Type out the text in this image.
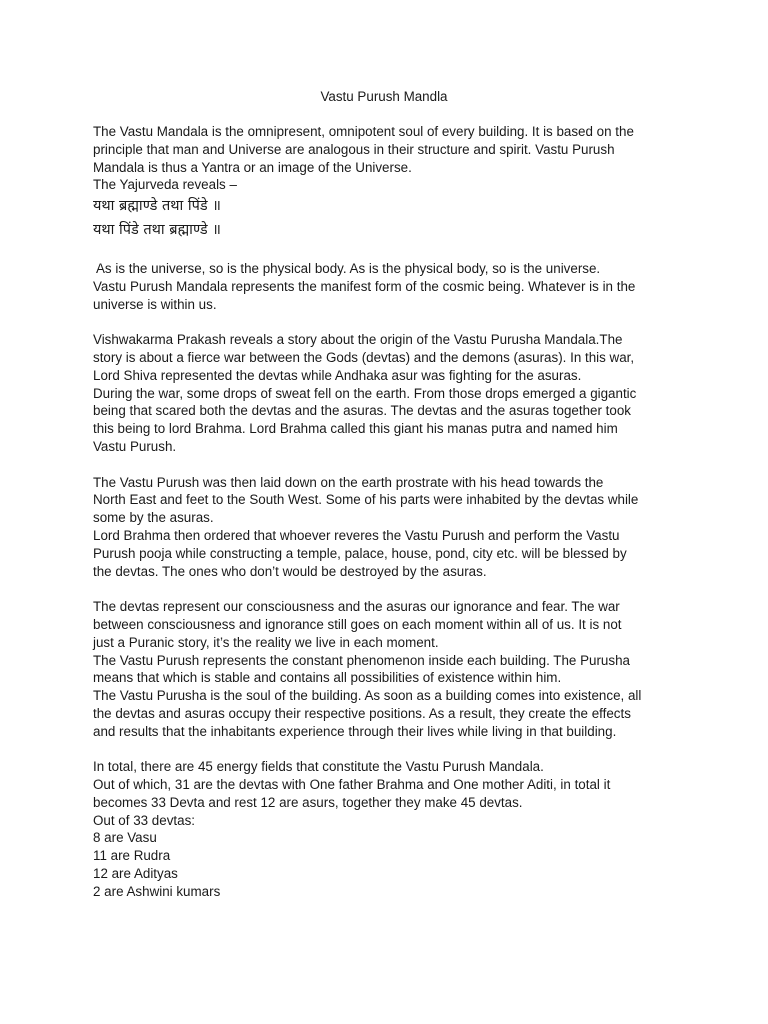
Vastu Purush Mandla
The Vastu Mandala is the omnipresent, omnipotent soul of every building. It is based on the
principle that man and Universe are analogous in their structure and spirit. Vastu Purush
Mandala is thus a Yantra or an image of the Universe.
The Yajurveda reveals –
यथा ब्रह्माण्डे तथा पिंडे ॥
यथा पिंडे तथा ब्रह्माण्डे ॥
As is the universe, so is the physical body. As is the physical body, so is the universe.
Vastu Purush Mandala represents the manifest form of the cosmic being. Whatever is in the
universe is within us.
Vishwakarma Prakash reveals a story about the origin of the Vastu Purusha Mandala.The
story is about a fierce war between the Gods (devtas) and the demons (asuras). In this war,
Lord Shiva represented the devtas while Andhaka asur was fighting for the asuras.
During the war, some drops of sweat fell on the earth. From those drops emerged a gigantic
being that scared both the devtas and the asuras. The devtas and the asuras together took
this being to lord Brahma. Lord Brahma called this giant his manas putra and named him
Vastu Purush.
The Vastu Purush was then laid down on the earth prostrate with his head towards the
North East and feet to the South West. Some of his parts were inhabited by the devtas while
some by the asuras.
Lord Brahma then ordered that whoever reveres the Vastu Purush and perform the Vastu
Purush pooja while constructing a temple, palace, house, pond, city etc. will be blessed by
the devtas. The ones who don’t would be destroyed by the asuras.
The devtas represent our consciousness and the asuras our ignorance and fear. The war
between consciousness and ignorance still goes on each moment within all of us. It is not
just a Puranic story, it’s the reality we live in each moment.
The Vastu Purush represents the constant phenomenon inside each building. The Purusha
means that which is stable and contains all possibilities of existence within him.
The Vastu Purusha is the soul of the building. As soon as a building comes into existence, all
the devtas and asuras occupy their respective positions. As a result, they create the effects
and results that the inhabitants experience through their lives while living in that building.
In total, there are 45 energy fields that constitute the Vastu Purush Mandala.
Out of which, 31 are the devtas with One father Brahma and One mother Aditi, in total it
becomes 33 Devta and rest 12 are asurs, together they make 45 devtas.
Out of 33 devtas:
8 are Vasu
11 are Rudra
12 are Adityas
2 are Ashwini kumars
